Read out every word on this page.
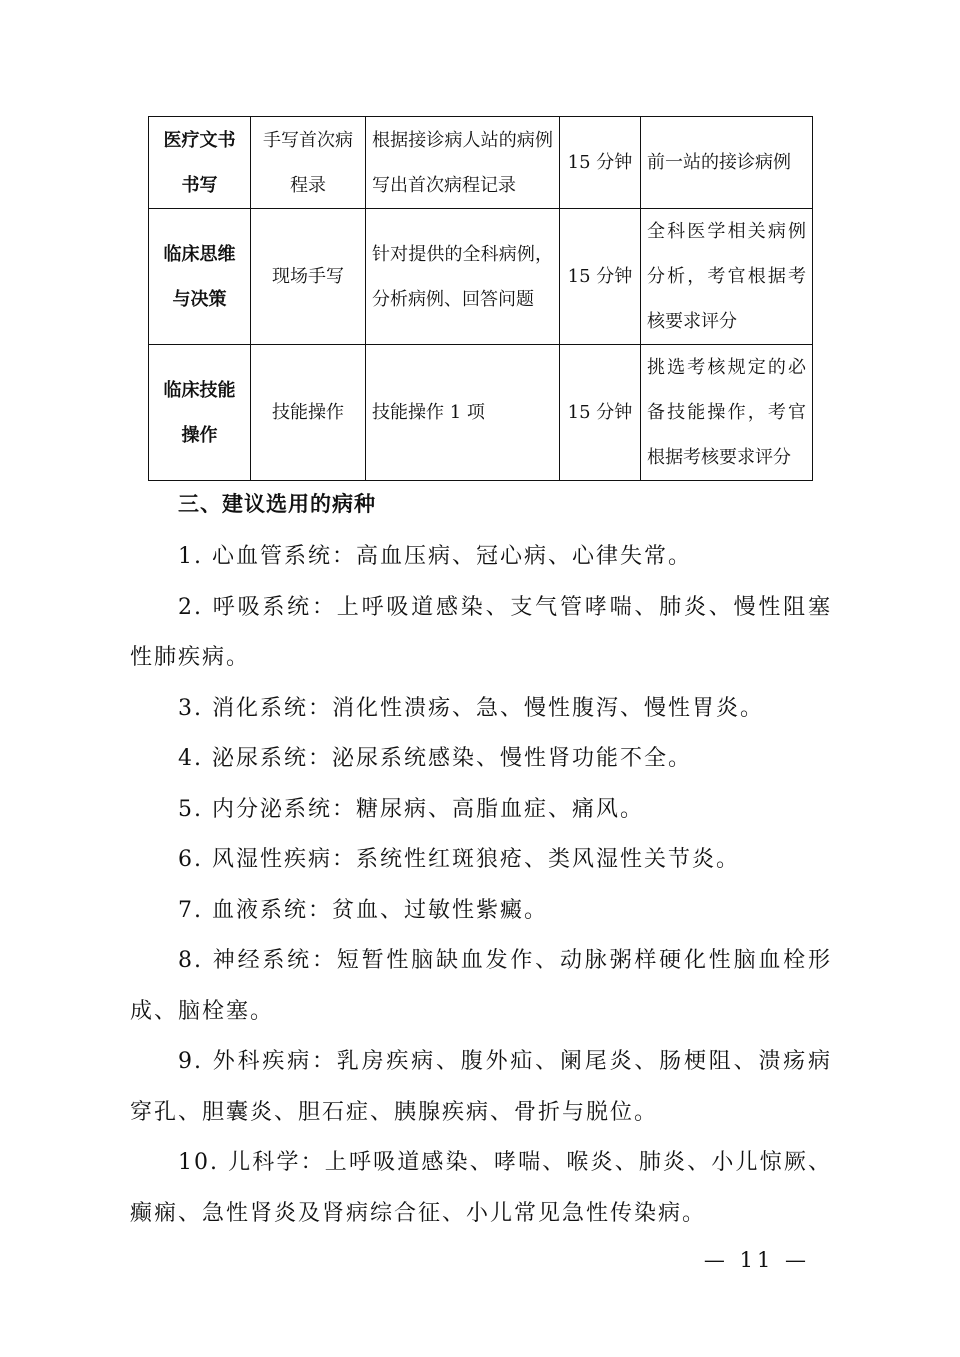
医疗文书书写	手写首次病程录	根据接诊病人站的病例写出首次病程记录	15 分钟	前一站的接诊病例
临床思维与决策	现场手写	针对提供的全科病例，分析病例、回答问题	15 分钟	全科医学相关病例分析，考官根据考核要求评分
临床技能操作	技能操作	技能操作 1 项	15 分钟	挑选考核规定的必备技能操作，考官根据考核要求评分
三、建议选用的病种

1. 心血管系统：高血压病、冠心病、心律失常。

2. 呼吸系统：上呼吸道感染、支气管哮喘、肺炎、慢性阻塞性肺疾病。

3. 消化系统：消化性溃疡、急、慢性腹泻、慢性胃炎。

4. 泌尿系统：泌尿系统感染、慢性肾功能不全。

5. 内分泌系统：糖尿病、高脂血症、痛风。

6. 风湿性疾病：系统性红斑狼疮、类风湿性关节炎。

7. 血液系统：贫血、过敏性紫癜。

8. 神经系统：短暂性脑缺血发作、动脉粥样硬化性脑血栓形成、脑栓塞。

9. 外科疾病：乳房疾病、腹外疝、阑尾炎、肠梗阻、溃疡病穿孔、胆囊炎、胆石症、胰腺疾病、骨折与脱位。

10. 儿科学：上呼吸道感染、哮喘、喉炎、肺炎、小儿惊厥、癫痫、急性肾炎及肾病综合征、小儿常见急性传染病。

— 11 —
